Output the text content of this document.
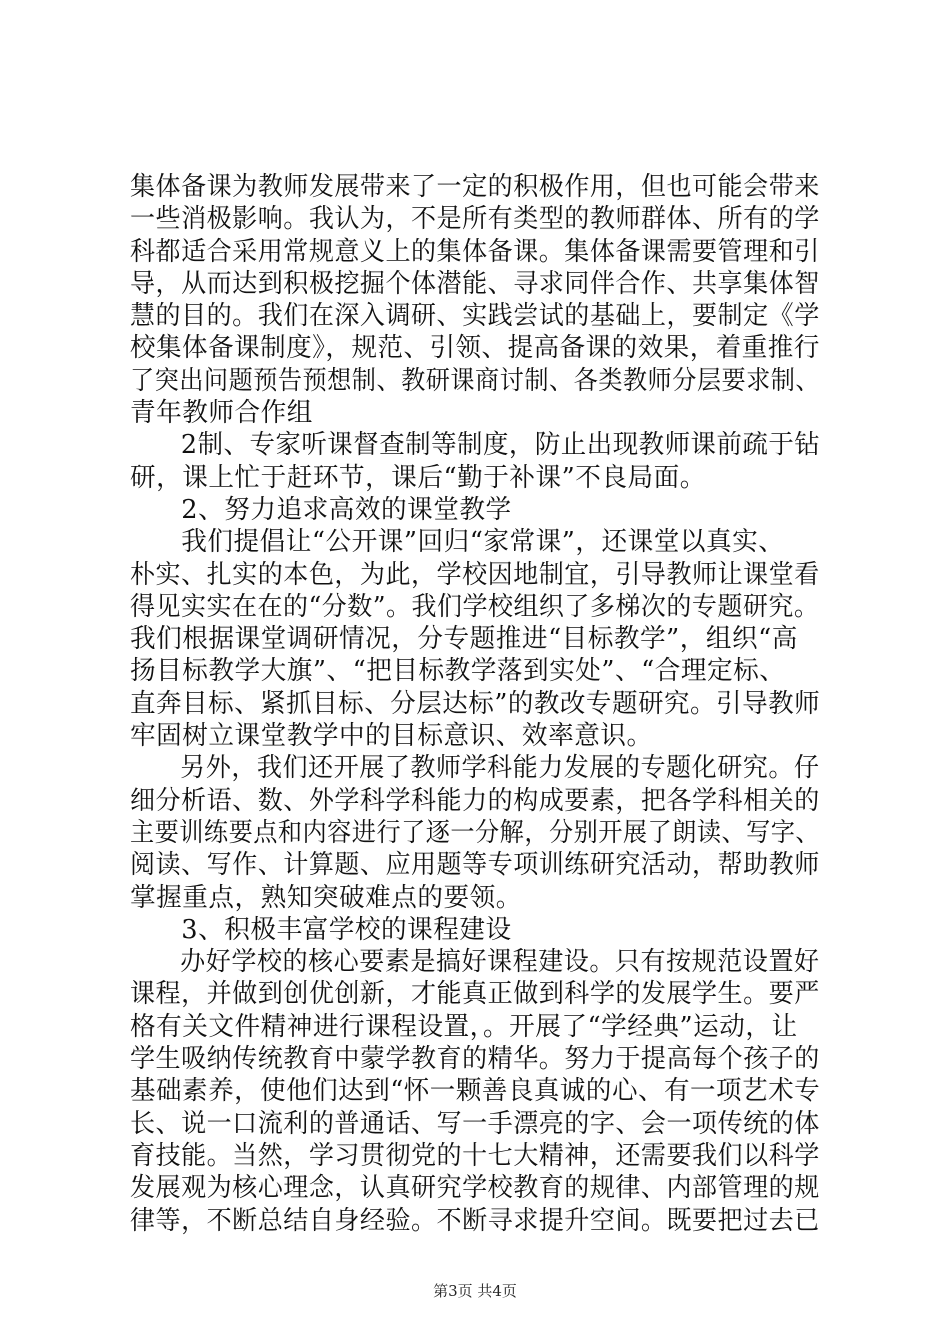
集体备课为教师发展带来了一定的积极作用，但也可能会带来
一些消极影响。我认为，不是所有类型的教师群体、所有的学
科都适合采用常规意义上的集体备课。集体备课需要管理和引
导，从而达到积极挖掘个体潜能、寻求同伴合作、共享集体智
慧的目的。我们在深入调研、实践尝试的基础上，要制定《学
校集体备课制度》，规范、引领、提高备课的效果，着重推行
了突出问题预告预想制、教研课商讨制、各类教师分层要求制、
青年教师合作组
2制、专家听课督查制等制度，防止出现教师课前疏于钻
研，课上忙于赶环节，课后“勤于补课”不良局面。
2、努力追求高效的课堂教学
我们提倡让“公开课”回归“家常课”，还课堂以真实、
朴实、扎实的本色，为此，学校因地制宜，引导教师让课堂看
得见实实在在的“分数”。我们学校组织了多梯次的专题研究。
我们根据课堂调研情况，分专题推进“目标教学”，组织“高
扬目标教学大旗”、“把目标教学落到实处”、“合理定标、
直奔目标、紧抓目标、分层达标”的教改专题研究。引导教师
牢固树立课堂教学中的目标意识、效率意识。
另外，我们还开展了教师学科能力发展的专题化研究。仔
细分析语、数、外学科学科能力的构成要素，把各学科相关的
主要训练要点和内容进行了逐一分解，分别开展了朗读、写字、
阅读、写作、计算题、应用题等专项训练研究活动，帮助教师
掌握重点，熟知突破难点的要领。
3、积极丰富学校的课程建设
办好学校的核心要素是搞好课程建设。只有按规范设置好
课程，并做到创优创新，才能真正做到科学的发展学生。要严
格有关文件精神进行课程设置，。开展了“学经典”运动，让
学生吸纳传统教育中蒙学教育的精华。努力于提高每个孩子的
基础素养，使他们达到“怀一颗善良真诚的心、有一项艺术专
长、说一口流利的普通话、写一手漂亮的字、会一项传统的体
育技能。当然，学习贯彻党的十七大精神，还需要我们以科学
发展观为核心理念，认真研究学校教育的规律、内部管理的规
律等，不断总结自身经验。不断寻求提升空间。既要把过去已
第3页 共4页
